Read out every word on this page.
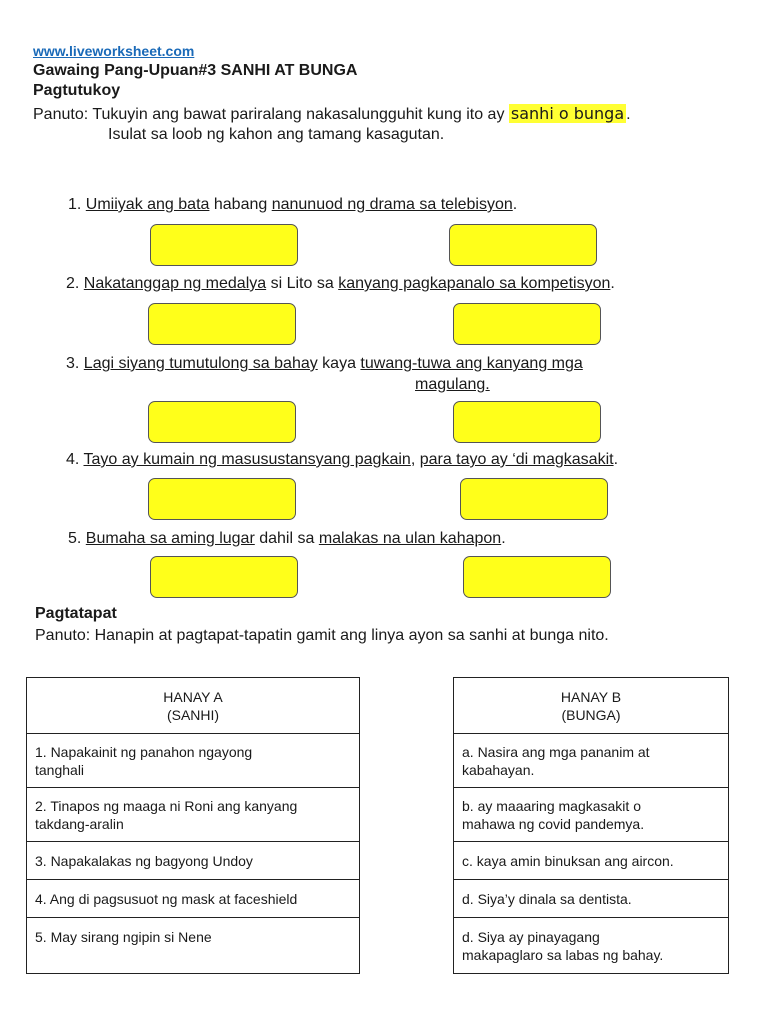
www.liveworksheet.com
Gawaing Pang-Upuan#3 SANHI AT BUNGA
Pagtutukoy
Panuto: Tukuyin ang bawat pariralang nakasalungguhit kung ito ay sanhi o bunga .
Isulat sa loob ng kahon ang tamang kasagutan.
1. Umiiyak ang bata habang nanunuod ng drama sa telebisyon.
2. Nakatanggap ng medalya si Lito sa kanyang pagkapanalo sa kompetisyon.
3. Lagi siyang tumutulong sa bahay kaya tuwang-tuwa ang kanyang mga
magulang.
4. Tayo ay kumain ng masusustansyang pagkain, para tayo ay ‘di magkasakit.
5. Bumaha sa aming lugar dahil sa malakas na ulan kahapon.
Pagtatapat
Panuto: Hanapin at pagtapat-tapatin gamit ang linya ayon sa sanhi at bunga nito.
HANAY A
(SANHI)

1. Napakainit ng panahon ngayong
tanghali

2. Tinapos ng maaga ni Roni ang kanyang
takdang-aralin

3. Napakalakas ng bagyong Undoy

4. Ang di pagsusuot ng mask at faceshield

5. May sirang ngipin si Nene
HANAY B
(BUNGA)

a. Nasira ang mga pananim at
kabahayan.

b. ay maaaring magkasakit o
mahawa ng covid pandemya.

c. kaya amin binuksan ang aircon.

d. Siya’y dinala sa dentista.

d. Siya ay pinayagang
makapaglaro sa labas ng bahay.
